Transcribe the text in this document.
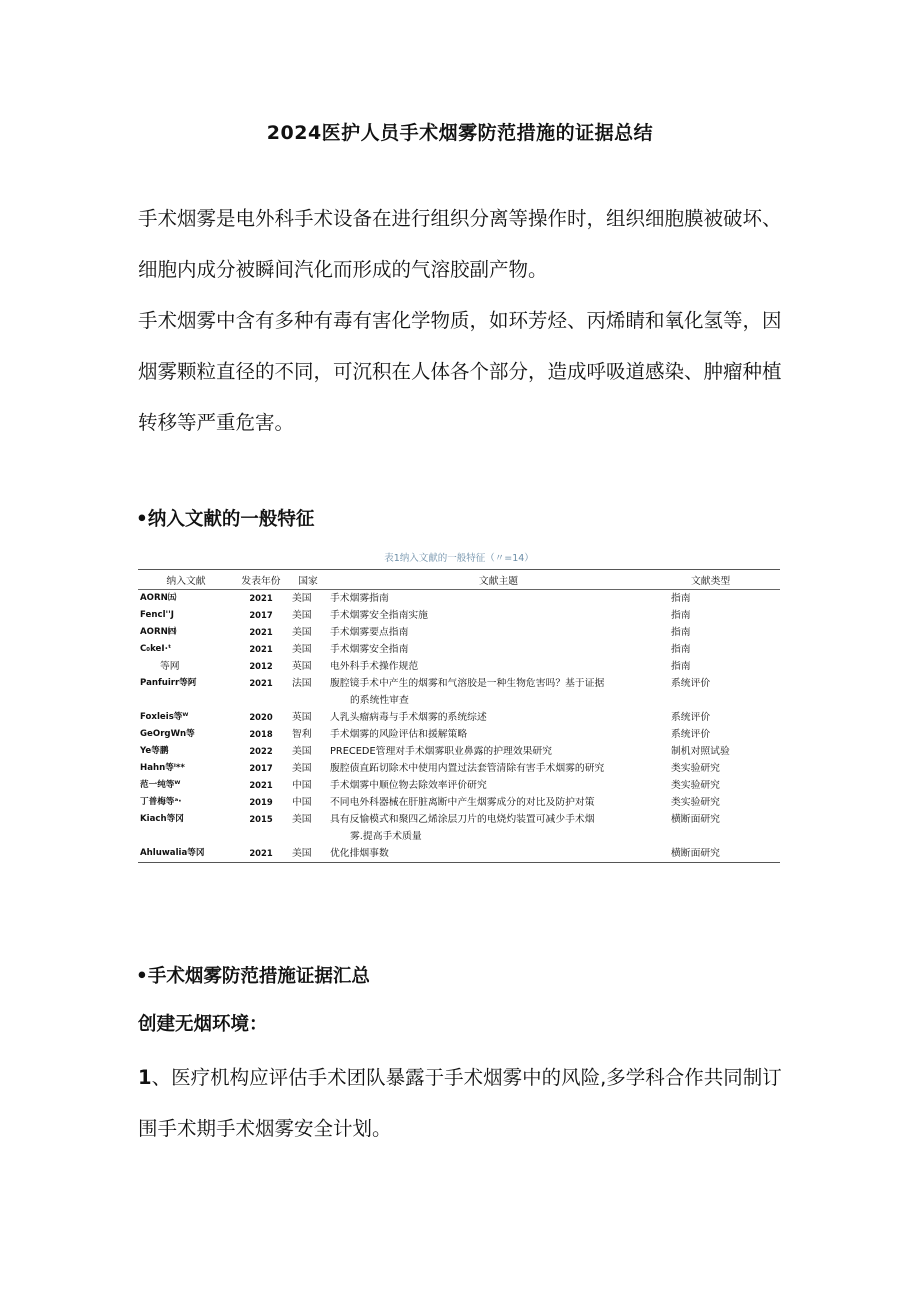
2024医护人员手术烟雾防范措施的证据总结

手术烟雾是电外科手术设备在进行组织分离等操作时，组织细胞膜被破坏、细胞内成分被瞬间汽化而形成的气溶胶副产物。

手术烟雾中含有多种有毒有害化学物质，如环芳烃、丙烯睛和氧化氢等，因烟雾颗粒直径的不同，可沉积在人体各个部分，造成呼吸道感染、肿瘤种植转移等严重危害。

•纳入文献的一般特征
表1纳入文献的一般特征（〃=14）
纳入文献	发表年份	国家	文献主题	文献类型
AORN㈤	2021	美国	手术烟雾指南	指南
Fencl''J	2017	美国	手术烟雾安全指南实施	指南
AORN㈣	2021	美国	手术烟雾要点指南	指南
C₀keI⋅ᵗ	2021	美国	手术烟雾安全指南	指南
等网	2012	英国	电外科手术操作规范	指南
Panfuirr等阿	2021	法国	腹腔镜手术中产生的烟雾和气溶胶是一种生物危害吗？基于证据
的系统性审查	系统评价
Foxleis等ᵂ	2020	英国	人乳头瘤病毒与手术烟雾的系统综述	系统评价
GeOrgWn等	2018	智利	手术烟雾的风险评估和援解策略	系统评价
Ye等鹏	2022	美国	PRECEDE管理对手术烟雾职业鼻露的护理效果研究	制机对照试验
Hahn等ᴵ**	2017	美国	腹腔债直跖切除术中使用内置过法套管清除有害手术烟雾的研究	类实验研究
范一纯等ᵂ	2021	中国	手术烟雾中顺位物去除效率评价研究	类实验研究
丁普梅等ᵃ·	2019	中国	不同电外科器械在肝脏离断中产生烟雾成分的对比及防护对策	类实验研究
Kiach等冈	2015	美国	具有反愉模式和聚四乙烯涂层刀片的电烧灼装置可减少手术烟
雾.提高手术质量	横断面研究
Ahluwalia等冈	2021	美国	优化排烟事数	横断面研究
•手术烟雾防范措施证据汇总
创建无烟环境：

1、医疗机构应评估手术团队暴露于手术烟雾中的风险,多学科合作共同制订围手术期手术烟雾安全计划。
